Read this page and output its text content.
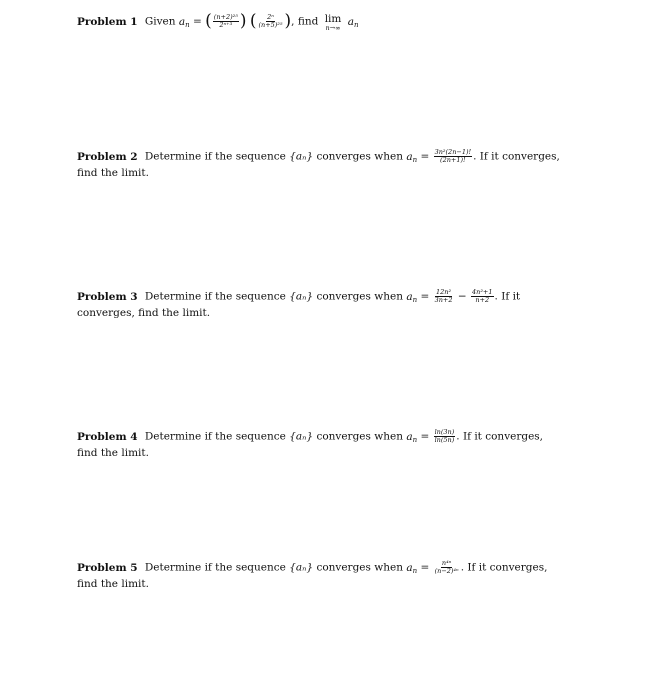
Problem 1 Given $a_n$ = ( $\frac{\text{(n+2)²⁵}}{\text{2ⁿ⁺³}}$ ) ( $\frac{\text{2ⁿ}}{\text{(n+5)²⁵}}$ ), find lim
n→∞
$a_n$
Problem 2 Determine if the sequence {aₙ} converges when $a_n = \frac{\text{3n²(2n−1)!}}{(2n+1)!}$ . If it converges, find the limit.
Problem 3 Determine if the sequence {aₙ} converges when $a_n = \frac{\text{12n²}}{3n+2} - \frac{\text{4n²+1}}{n+2}$ . If it converges, find the limit.
Problem 4 Determine if the sequence {aₙ} converges when $a_n = \frac{\ln(3n)}{\ln(5n)}$ . If it converges, find the limit.
Problem 5 Determine if the sequence {aₙ} converges when $a_n = \frac{\text{n⁴ⁿ}}{\text{(n−2)⁴ⁿ}}$ . If it converges, find the limit.
